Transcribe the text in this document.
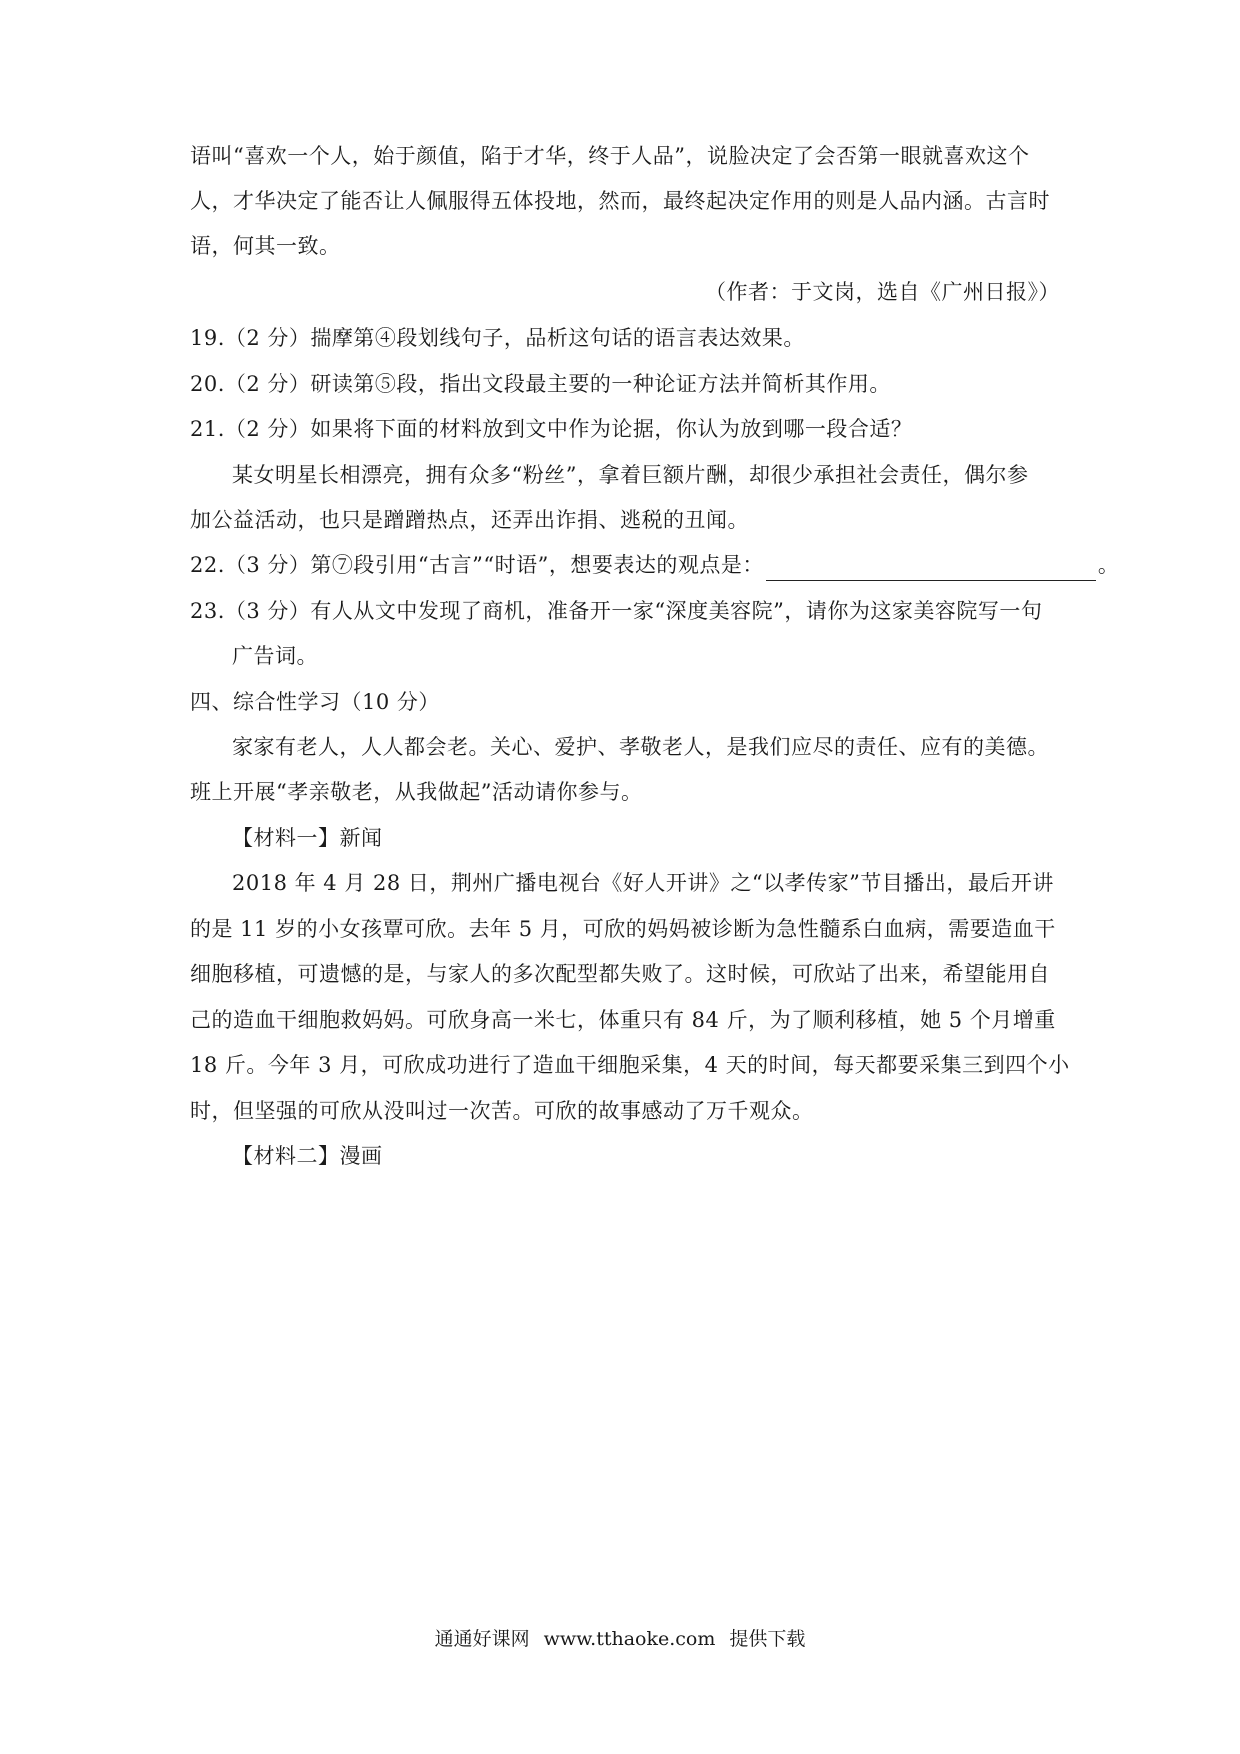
语叫“喜欢一个人，始于颜值，陷于才华，终于人品”，说脸决定了会否第一眼就喜欢这个
人，才华决定了能否让人佩服得五体投地，然而，最终起决定作用的则是人品内涵。古言时
语，何其一致。
（作者：于文岗，选自《广州日报》）
19.（2 分）揣摩第④段划线句子，品析这句话的语言表达效果。
20.（2 分）研读第⑤段，指出文段最主要的一种论证方法并简析其作用。
21.（2 分）如果将下面的材料放到文中作为论据，你认为放到哪一段合适？
某女明星长相漂亮，拥有众多“粉丝”，拿着巨额片酬，却很少承担社会责任，偶尔参
加公益活动，也只是蹭蹭热点，还弄出诈捐、逃税的丑闻。
22.（3 分）第⑦段引用“古言”“时语”，想要表达的观点是：	。
23.（3 分）有人从文中发现了商机，准备开一家“深度美容院”，请你为这家美容院写一句
广告词。
四、综合性学习（10 分）
家家有老人，人人都会老。关心、爱护、孝敬老人，是我们应尽的责任、应有的美德。
班上开展“孝亲敬老，从我做起”活动请你参与。
【材料一】新闻
2018 年 4 月 28 日，荆州广播电视台《好人开讲》之“以孝传家”节目播出，最后开讲
的是 11 岁的小女孩覃可欣。去年 5 月，可欣的妈妈被诊断为急性髓系白血病，需要造血干
细胞移植，可遗憾的是，与家人的多次配型都失败了。这时候，可欣站了出来，希望能用自
己的造血干细胞救妈妈。可欣身高一米七，体重只有 84 斤，为了顺利移植，她 5 个月增重
18 斤。今年 3 月，可欣成功进行了造血干细胞采集，4 天的时间，每天都要采集三到四个小
时，但坚强的可欣从没叫过一次苦。可欣的故事感动了万千观众。
【材料二】漫画
通通好课网 www.tthaoke.com 提供下载
